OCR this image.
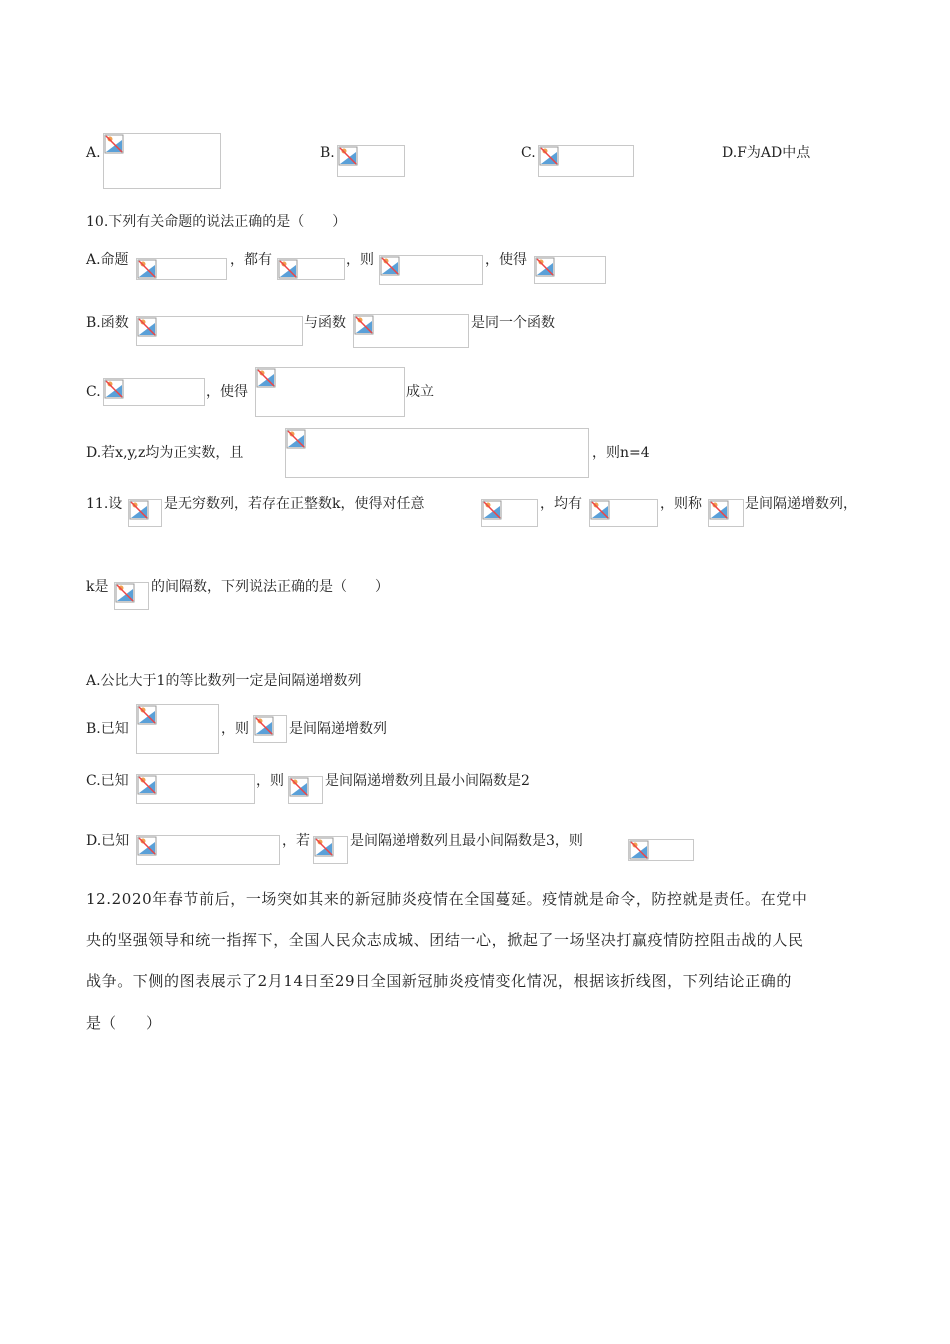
A.	B.	C.	D.F为AD中点
10.下列有关命题的说法正确的是（　　）
A.命题	，都有	，则	，使得
B.函数	与函数	是同一个函数
C.	，使得	成立
D.若x,y,z均为正实数，且	，则n=4
11.设	是无穷数列，若存在正整数k，使得对任意	，均有	，则称	是间隔递增数列，
k是	的间隔数，下列说法正确的是（　　）
A.公比大于1的等比数列一定是间隔递增数列
B.已知	，则	是间隔递增数列
C.已知	，则	是间隔递增数列且最小间隔数是2
D.已知	，若	是间隔递增数列且最小间隔数是3，则
12.2020年春节前后，一场突如其来的新冠肺炎疫情在全国蔓延。疫情就是命令，防控就是责任。在党中
央的坚强领导和统一指挥下，全国人民众志成城、团结一心，掀起了一场坚决打赢疫情防控阻击战的人民
战争。下侧的图表展示了2月14日至29日全国新冠肺炎疫情变化情况，根据该折线图，下列结论正确的
是（　　）
